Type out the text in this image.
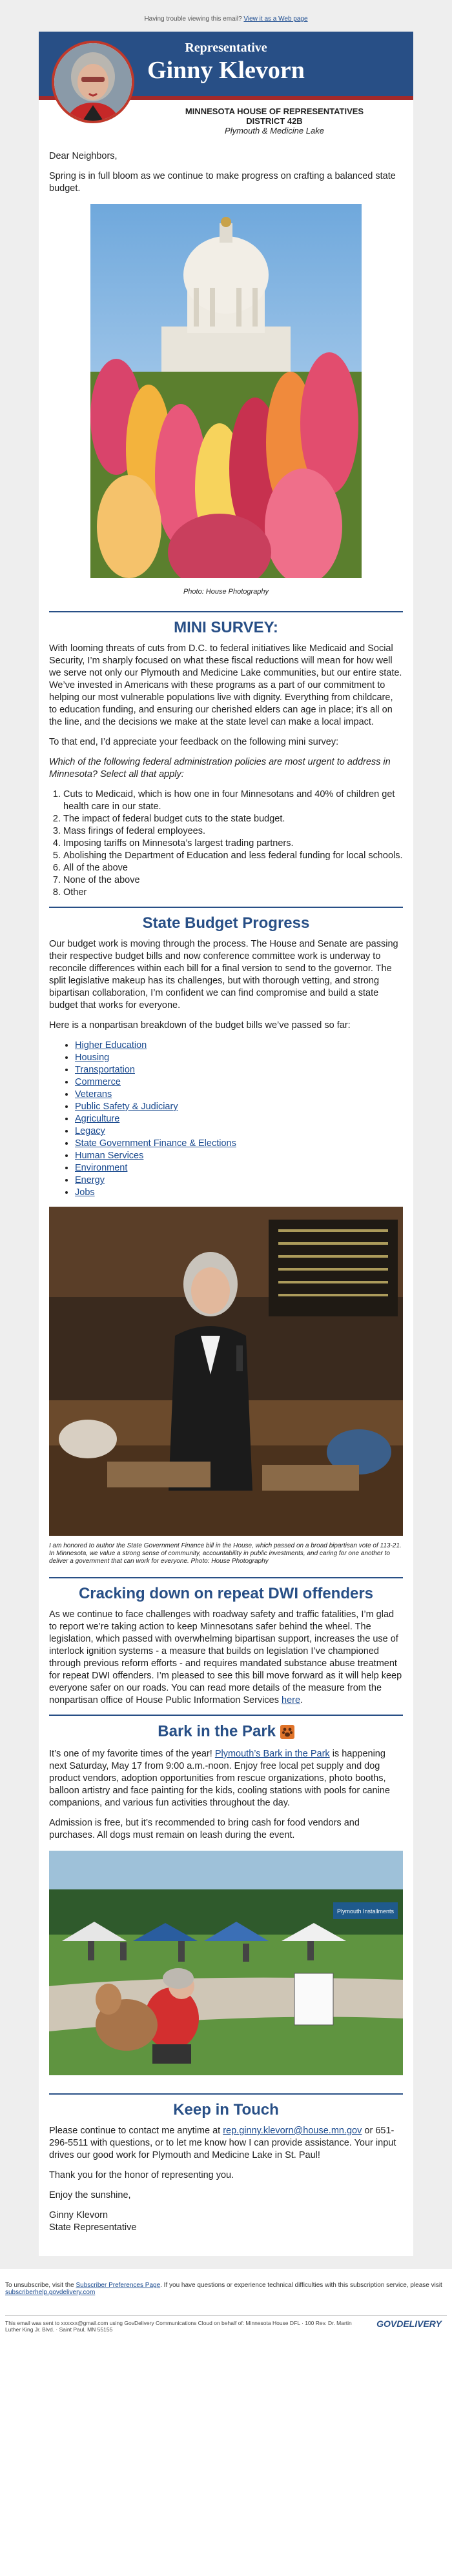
Having trouble viewing this email? View it as a Web page
Representative
Ginny Klevorn
MINNESOTA HOUSE OF REPRESENTATIVES
DISTRICT 42B
Plymouth & Medicine Lake

Dear Neighbors,

Spring is in full bloom as we continue to make progress on crafting a balanced state budget.

Photo: House Photography
MINI SURVEY:

With looming threats of cuts from D.C. to federal initiatives like Medicaid and Social Security, I’m sharply focused on what these fiscal reductions will mean for how well we serve not only our Plymouth and Medicine Lake communities, but our entire state. We’ve invested in Americans with these programs as a part of our commitment to helping our most vulnerable populations live with dignity. Everything from childcare, to education funding, and ensuring our cherished elders can age in place; it’s all on the line, and the decisions we make at the state level can make a local impact.

To that end, I’d appreciate your feedback on the following mini survey:

Which of the following federal administration policies are most urgent to address in Minnesota? Select all that apply:

1. Cuts to Medicaid, which is how one in four Minnesotans and 40% of children get health care in our state.
2. The impact of federal budget cuts to the state budget.
3. Mass firings of federal employees.
4. Imposing tariffs on Minnesota’s largest trading partners.
5. Abolishing the Department of Education and less federal funding for local schools.
6. All of the above
7. None of the above
8. Other
State Budget Progress

Our budget work is moving through the process. The House and Senate are passing their respective budget bills and now conference committee work is underway to reconcile differences within each bill for a final version to send to the governor. The split legislative makeup has its challenges, but with thorough vetting, and strong bipartisan collaboration, I’m confident we can find compromise and build a state budget that works for everyone.

Here is a nonpartisan breakdown of the budget bills we’ve passed so far:

• Higher Education
• Housing
• Transportation
• Commerce
• Veterans
• Public Safety & Judiciary
• Agriculture
• Legacy
• State Government Finance & Elections
• Human Services
• Environment
• Energy
• Jobs
I am honored to author the State Government Finance bill in the House, which passed on a broad bipartisan vote of 113-21. In Minnesota, we value a strong sense of community, accountability in public investments, and caring for one another to deliver a government that can work for everyone. Photo: House Photography
Cracking down on repeat DWI offenders

As we continue to face challenges with roadway safety and traffic fatalities, I’m glad to report we’re taking action to keep Minnesotans safer behind the wheel. The legislation, which passed with overwhelming bipartisan support, increases the use of interlock ignition systems - a measure that builds on legislation I’ve championed through previous reform efforts - and requires mandated substance abuse treatment for repeat DWI offenders. I’m pleased to see this bill move forward as it will help keep everyone safer on our roads. You can read more details of the measure from the nonpartisan office of House Public Information Services here.

Bark in the Park

It’s one of my favorite times of the year! Plymouth’s Bark in the Park is happening next Saturday, May 17 from 9:00 a.m.-noon. Enjoy free local pet supply and dog product vendors, adoption opportunities from rescue organizations, photo booths, balloon artistry and face painting for the kids, cooling stations with pools for canine companions, and various fun activities throughout the day.

Admission is free, but it’s recommended to bring cash for food vendors and purchases. All dogs must remain on leash during the event.

Plymouth Installments
Keep in Touch

Please continue to contact me anytime at rep.ginny.klevorn@house.mn.gov or 651-296-5511 with questions, or to let me know how I can provide assistance. Your input drives our good work for Plymouth and Medicine Lake in St. Paul!

Thank you for the honor of representing you.

Enjoy the sunshine,

Ginny Klevorn
State Representative

To unsubscribe, visit the Subscriber Preferences Page. If you have questions or experience technical difficulties with this subscription service, please visit subscriberhelp.govdelivery.com
This email was sent to xxxxxx@gmail.com using GovDelivery Communications Cloud on behalf of: Minnesota House DFL · 100 Rev. Dr. Martin Luther King Jr. Blvd. · Saint Paul, MN 55155
GOVDELIVERY
